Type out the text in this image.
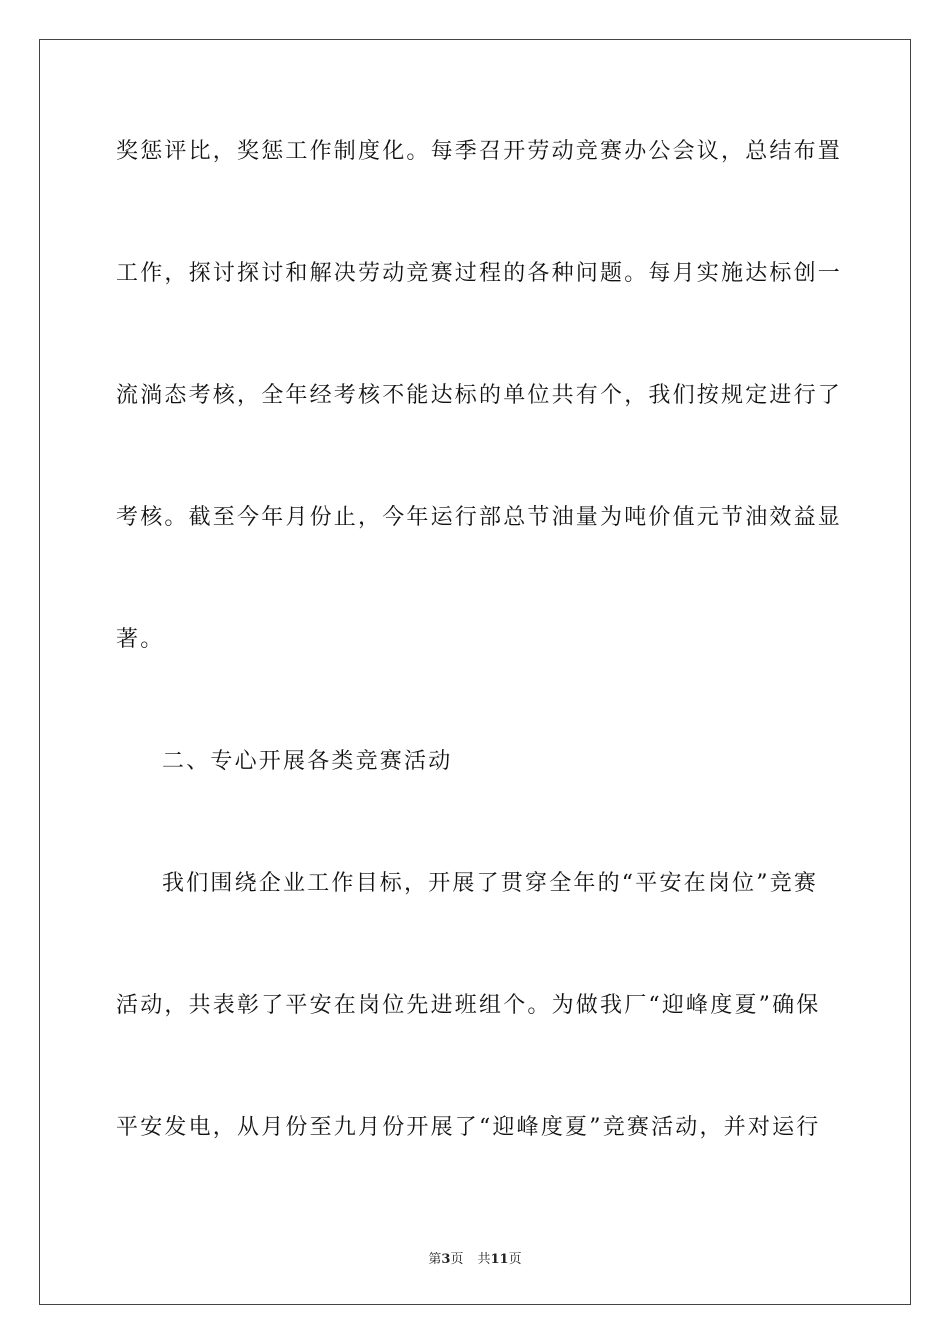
奖惩评比，奖惩工作制度化。每季召开劳动竞赛办公会议，总结布置
工作，探讨探讨和解决劳动竞赛过程的各种问题。每月实施达标创一
流淌态考核，全年经考核不能达标的单位共有个，我们按规定进行了
考核。截至今年月份止，今年运行部总节油量为吨价值元节油效益显
著。
二、专心开展各类竞赛活动
我们围绕企业工作目标，开展了贯穿全年的“平安在岗位”竞赛
活动，共表彰了平安在岗位先进班组个。为做我厂“迎峰度夏”确保
平安发电，从月份至九月份开展了“迎峰度夏”竞赛活动，并对运行
第3页 共11页
